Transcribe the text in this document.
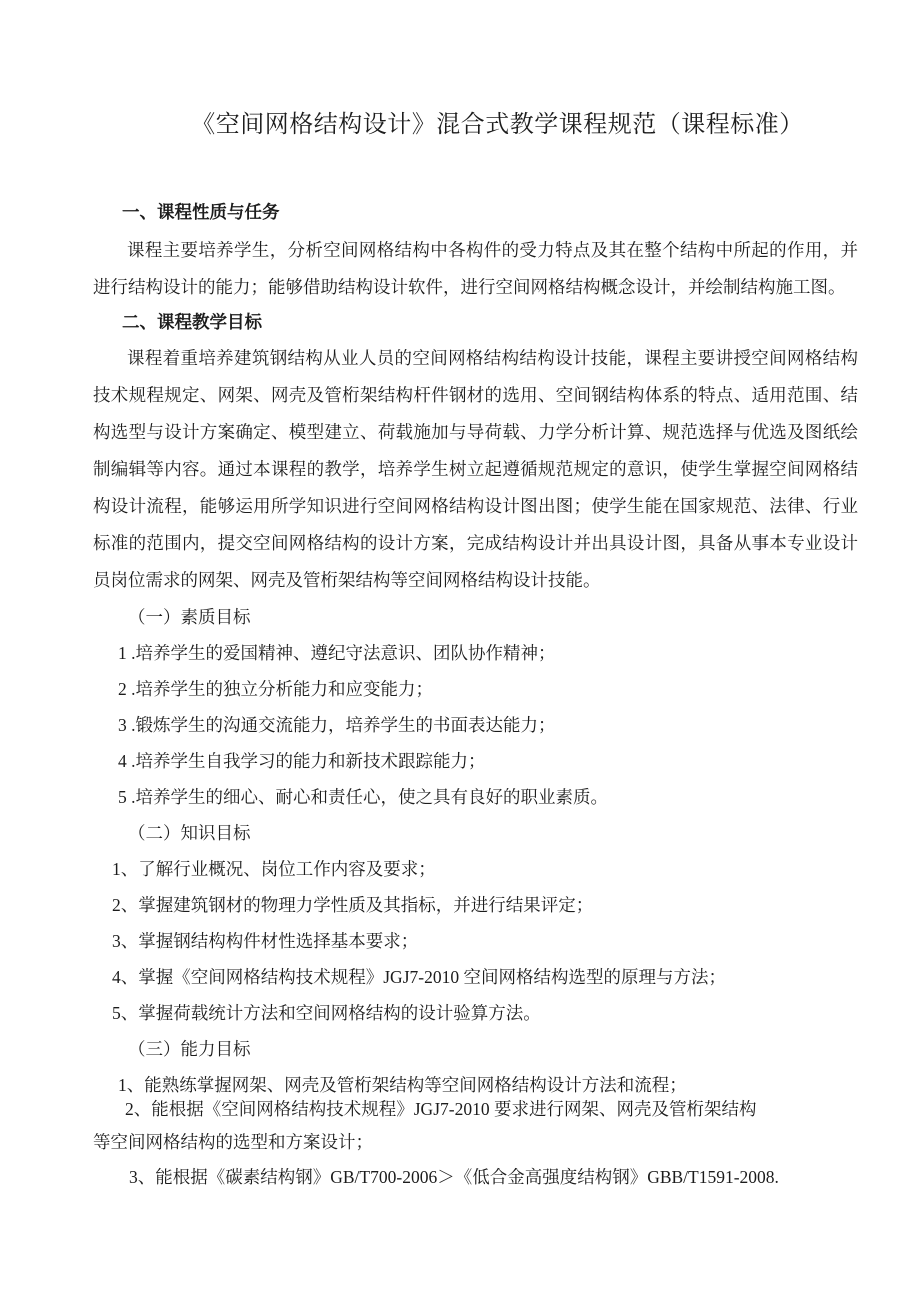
《空间网格结构设计》混合式教学课程规范（课程标准）
一、课程性质与任务
课程主要培养学生，分析空间网格结构中各构件的受力特点及其在整个结构中所起的作用，并进行结构设计的能力；能够借助结构设计软件，进行空间网格结构概念设计，并绘制结构施工图。
二、课程教学目标
课程着重培养建筑钢结构从业人员的空间网格结构结构设计技能，课程主要讲授空间网格结构技术规程规定、网架、网壳及管桁架结构杆件钢材的选用、空间钢结构体系的特点、适用范围、结构选型与设计方案确定、模型建立、荷载施加与导荷载、力学分析计算、规范选择与优选及图纸绘制编辑等内容。通过本课程的教学，培养学生树立起遵循规范规定的意识，使学生掌握空间网格结构设计流程，能够运用所学知识进行空间网格结构设计图出图；使学生能在国家规范、法律、行业标准的范围内，提交空间网格结构的设计方案，完成结构设计并出具设计图，具备从事本专业设计员岗位需求的网架、网壳及管桁架结构等空间网格结构设计技能。
（一）素质目标
1 .培养学生的爱国精神、遵纪守法意识、团队协作精神；
2 .培养学生的独立分析能力和应变能力；
3 .锻炼学生的沟通交流能力，培养学生的书面表达能力；
4 .培养学生自我学习的能力和新技术跟踪能力；
5 .培养学生的细心、耐心和责任心，使之具有良好的职业素质。
（二）知识目标
1、了解行业概况、岗位工作内容及要求；
2、掌握建筑钢材的物理力学性质及其指标，并进行结果评定；
3、掌握钢结构构件材性选择基本要求；
4、掌握《空间网格结构技术规程》JGJ7-2010 空间网格结构选型的原理与方法；
5、掌握荷载统计方法和空间网格结构的设计验算方法。
（三）能力目标
1、能熟练掌握网架、网壳及管桁架结构等空间网格结构设计方法和流程；
2、能根据《空间网格结构技术规程》JGJ7-2010 要求进行网架、网壳及管桁架结构
等空间网格结构的选型和方案设计；
3、能根据《碳素结构钢》GB/T700-2006＞《低合金高强度结构钢》GBB/T1591-2008.
